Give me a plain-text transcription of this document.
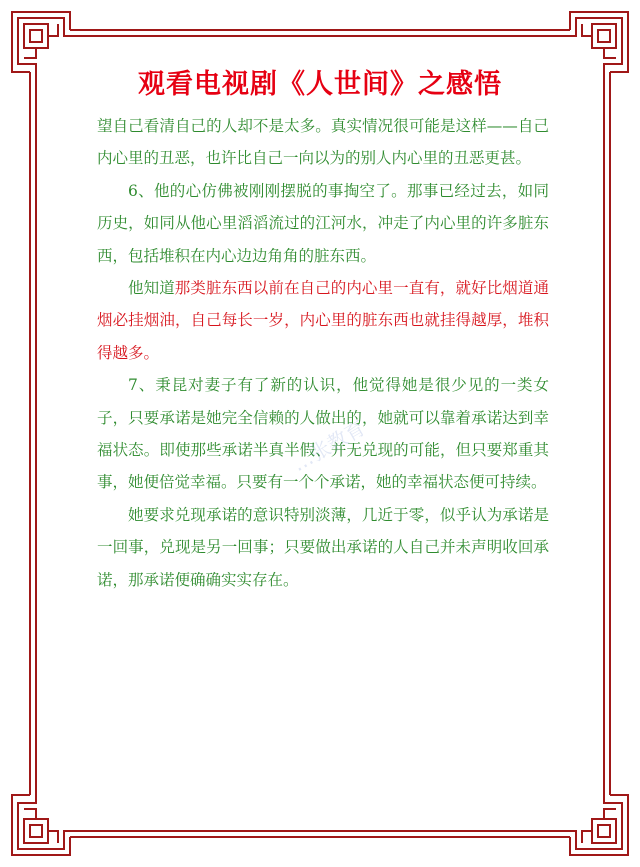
观看电视剧《人世间》之感悟

望自己看清自己的人却不是太多。真实情况很可能是这样——自己内心里的丑恶，也许比自己一向以为的别人内心里的丑恶更甚。

6、他的心仿佛被刚刚摆脱的事掏空了。那事已经过去，如同历史，如同从他心里滔滔流过的江河水，冲走了内心里的许多脏东西，包括堆积在内心边边角角的脏东西。

他知道那类脏东西以前在自己的内心里一直有，就好比烟道通烟必挂烟油，自己每长一岁，内心里的脏东西也就挂得越厚，堆积得越多。

7、秉昆对妻子有了新的认识，他觉得她是很少见的一类女子，只要承诺是她完全信赖的人做出的，她就可以靠着承诺达到幸福状态。即使那些承诺半真半假、并无兑现的可能，但只要郑重其事，她便倍觉幸福。只要有一个个承诺，她的幸福状态便可持续。

她要求兑现承诺的意识特别淡薄，几近于零，似乎认为承诺是一回事，兑现是另一回事；只要做出承诺的人自己并未声明收回承诺，那承诺便确确实实存在。

…张教育
